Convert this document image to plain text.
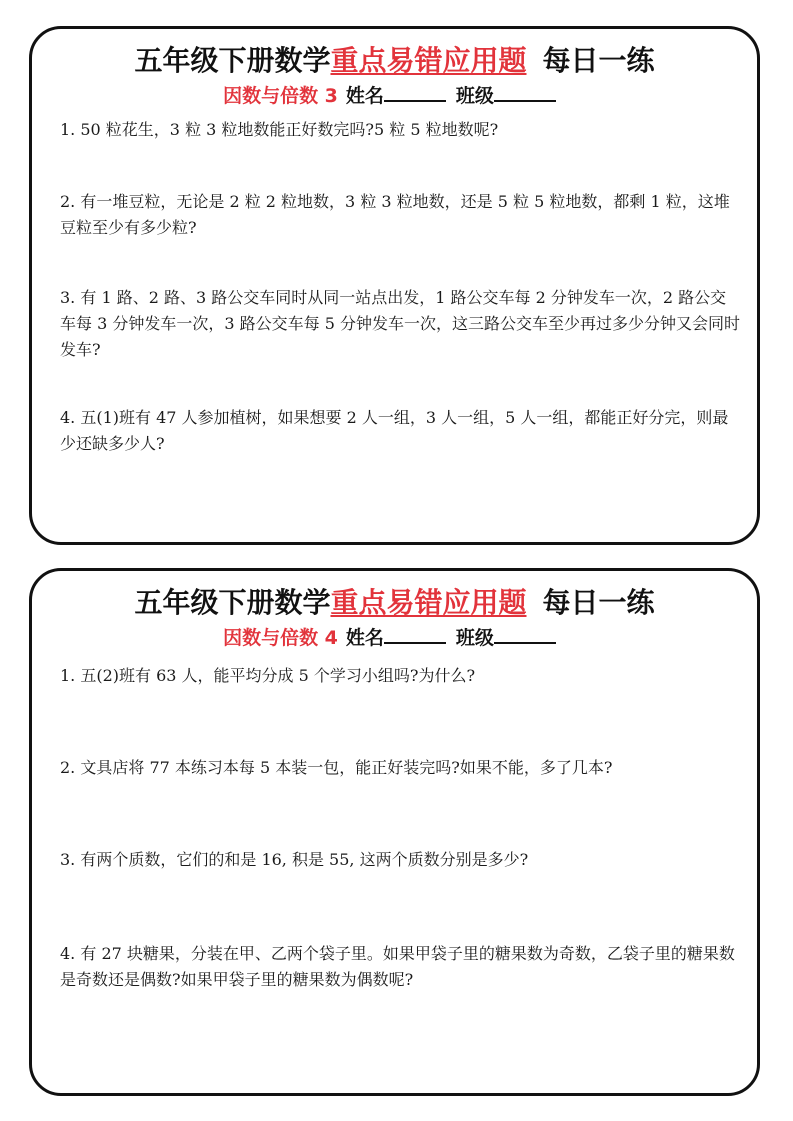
五年级下册数学重点易错应用题 每日一练
因数与倍数 3 姓名	班级
1. 50 粒花生，3 粒 3 粒地数能正好数完吗?5 粒 5 粒地数呢?
2. 有一堆豆粒，无论是 2 粒 2 粒地数，3 粒 3 粒地数，还是 5 粒 5 粒地数，都剩 1 粒，这堆豆粒至少有多少粒?
3. 有 1 路、2 路、3 路公交车同时从同一站点出发，1 路公交车每 2 分钟发车一次，2 路公交车每 3 分钟发车一次，3 路公交车每 5 分钟发车一次，这三路公交车至少再过多少分钟又会同时发车?
4. 五(1)班有 47 人参加植树，如果想要 2 人一组，3 人一组，5 人一组，都能正好分完，则最少还缺多少人?
五年级下册数学重点易错应用题 每日一练
因数与倍数 4 姓名	班级
1. 五(2)班有 63 人，能平均分成 5 个学习小组吗?为什么?
2. 文具店将 77 本练习本每 5 本装一包，能正好装完吗?如果不能，多了几本?
3. 有两个质数，它们的和是 16, 积是 55, 这两个质数分别是多少?
4. 有 27 块糖果，分装在甲、乙两个袋子里。如果甲袋子里的糖果数为奇数，乙袋子里的糖果数是奇数还是偶数?如果甲袋子里的糖果数为偶数呢?
